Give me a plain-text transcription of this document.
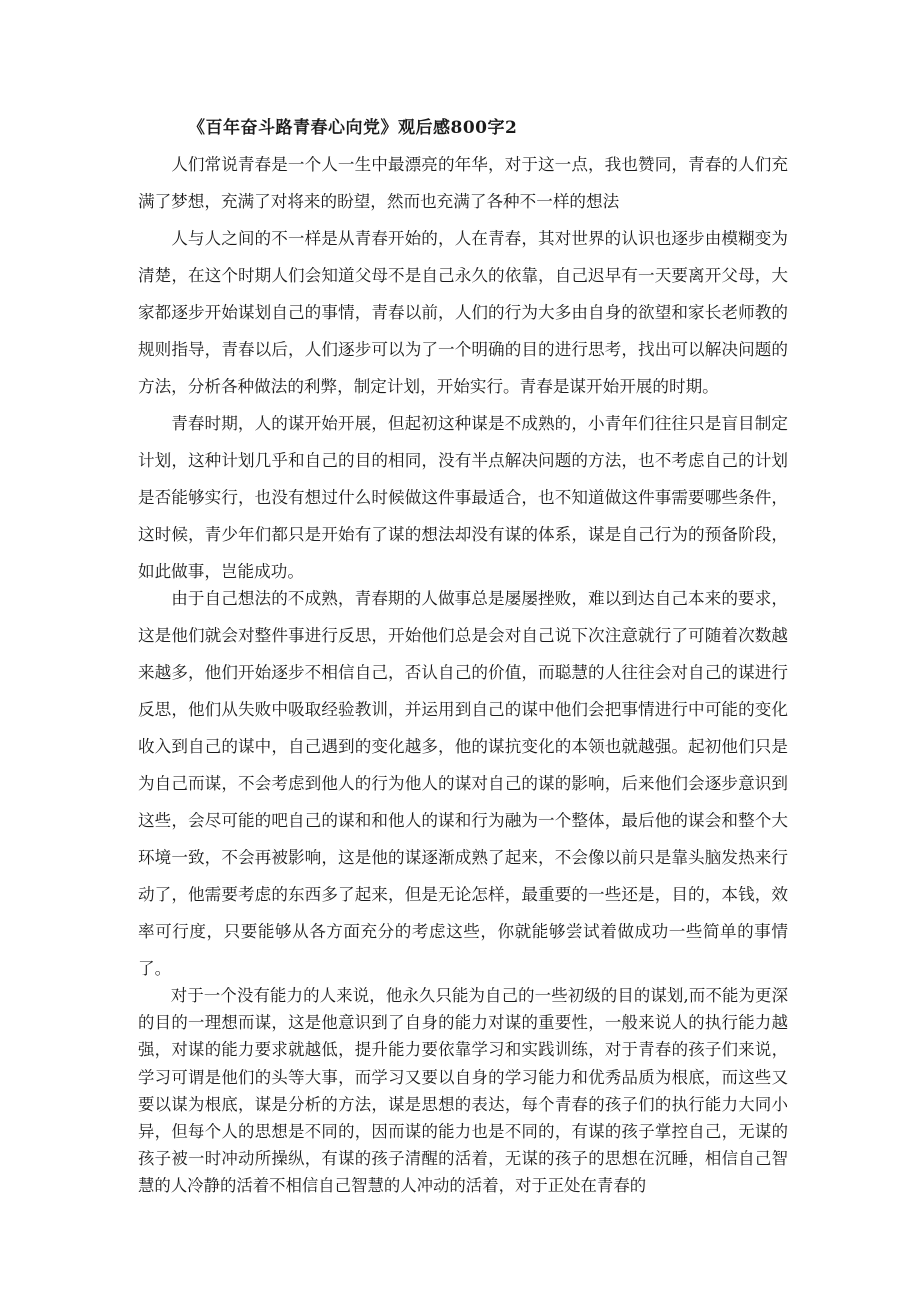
《百年奋斗路青春心向党》观后感800字2

人们常说青春是一个人一生中最漂亮的年华，对于这一点，我也赞同，青春的人们充满了梦想，充满了对将来的盼望，然而也充满了各种不一样的想法

人与人之间的不一样是从青春开始的，人在青春，其对世界的认识也逐步由模糊变为清楚，在这个时期人们会知道父母不是自己永久的依靠，自己迟早有一天要离开父母，大家都逐步开始谋划自己的事情，青春以前，人们的行为大多由自身的欲望和家长老师教的规则指导，青春以后，人们逐步可以为了一个明确的目的进行思考，找出可以解决问题的方法，分析各种做法的利弊，制定计划，开始实行。青春是谋开始开展的时期。

青春时期，人的谋开始开展，但起初这种谋是不成熟的，小青年们往往只是盲目制定计划，这种计划几乎和自己的目的相同，没有半点解决问题的方法，也不考虑自己的计划是否能够实行，也没有想过什么时候做这件事最适合，也不知道做这件事需要哪些条件，这时候，青少年们都只是开始有了谋的想法却没有谋的体系，谋是自己行为的预备阶段，如此做事，岂能成功。

由于自己想法的不成熟，青春期的人做事总是屡屡挫败，难以到达自己本来的要求，这是他们就会对整件事进行反思，开始他们总是会对自己说下次注意就行了可随着次数越来越多，他们开始逐步不相信自己，否认自己的价值，而聪慧的人往往会对自己的谋进行反思，他们从失败中吸取经验教训，并运用到自己的谋中他们会把事情进行中可能的变化收入到自己的谋中，自己遇到的变化越多，他的谋抗变化的本领也就越强。起初他们只是为自己而谋，不会考虑到他人的行为他人的谋对自己的谋的影响，后来他们会逐步意识到这些，会尽可能的吧自己的谋和和他人的谋和行为融为一个整体，最后他的谋会和整个大环境一致，不会再被影响，这是他的谋逐渐成熟了起来，不会像以前只是靠头脑发热来行动了，他需要考虑的东西多了起来，但是无论怎样，最重要的一些还是，目的，本钱，效率可行度，只要能够从各方面充分的考虑这些，你就能够尝试着做成功一些简单的事情了。

对于一个没有能力的人来说，他永久只能为自己的一些初级的目的谋划,而不能为更深的目的一理想而谋，这是他意识到了自身的能力对谋的重要性，一般来说人的执行能力越强，对谋的能力要求就越低，提升能力要依靠学习和实践训练，对于青春的孩子们来说，学习可谓是他们的头等大事，而学习又要以自身的学习能力和优秀品质为根底，而这些又要以谋为根底，谋是分析的方法，谋是思想的表达，每个青春的孩子们的执行能力大同小异，但每个人的思想是不同的，因而谋的能力也是不同的，有谋的孩子掌控自己，无谋的孩子被一时冲动所操纵，有谋的孩子清醒的活着，无谋的孩子的思想在沉睡，相信自己智慧的人冷静的活着不相信自己智慧的人冲动的活着，对于正处在青春的
